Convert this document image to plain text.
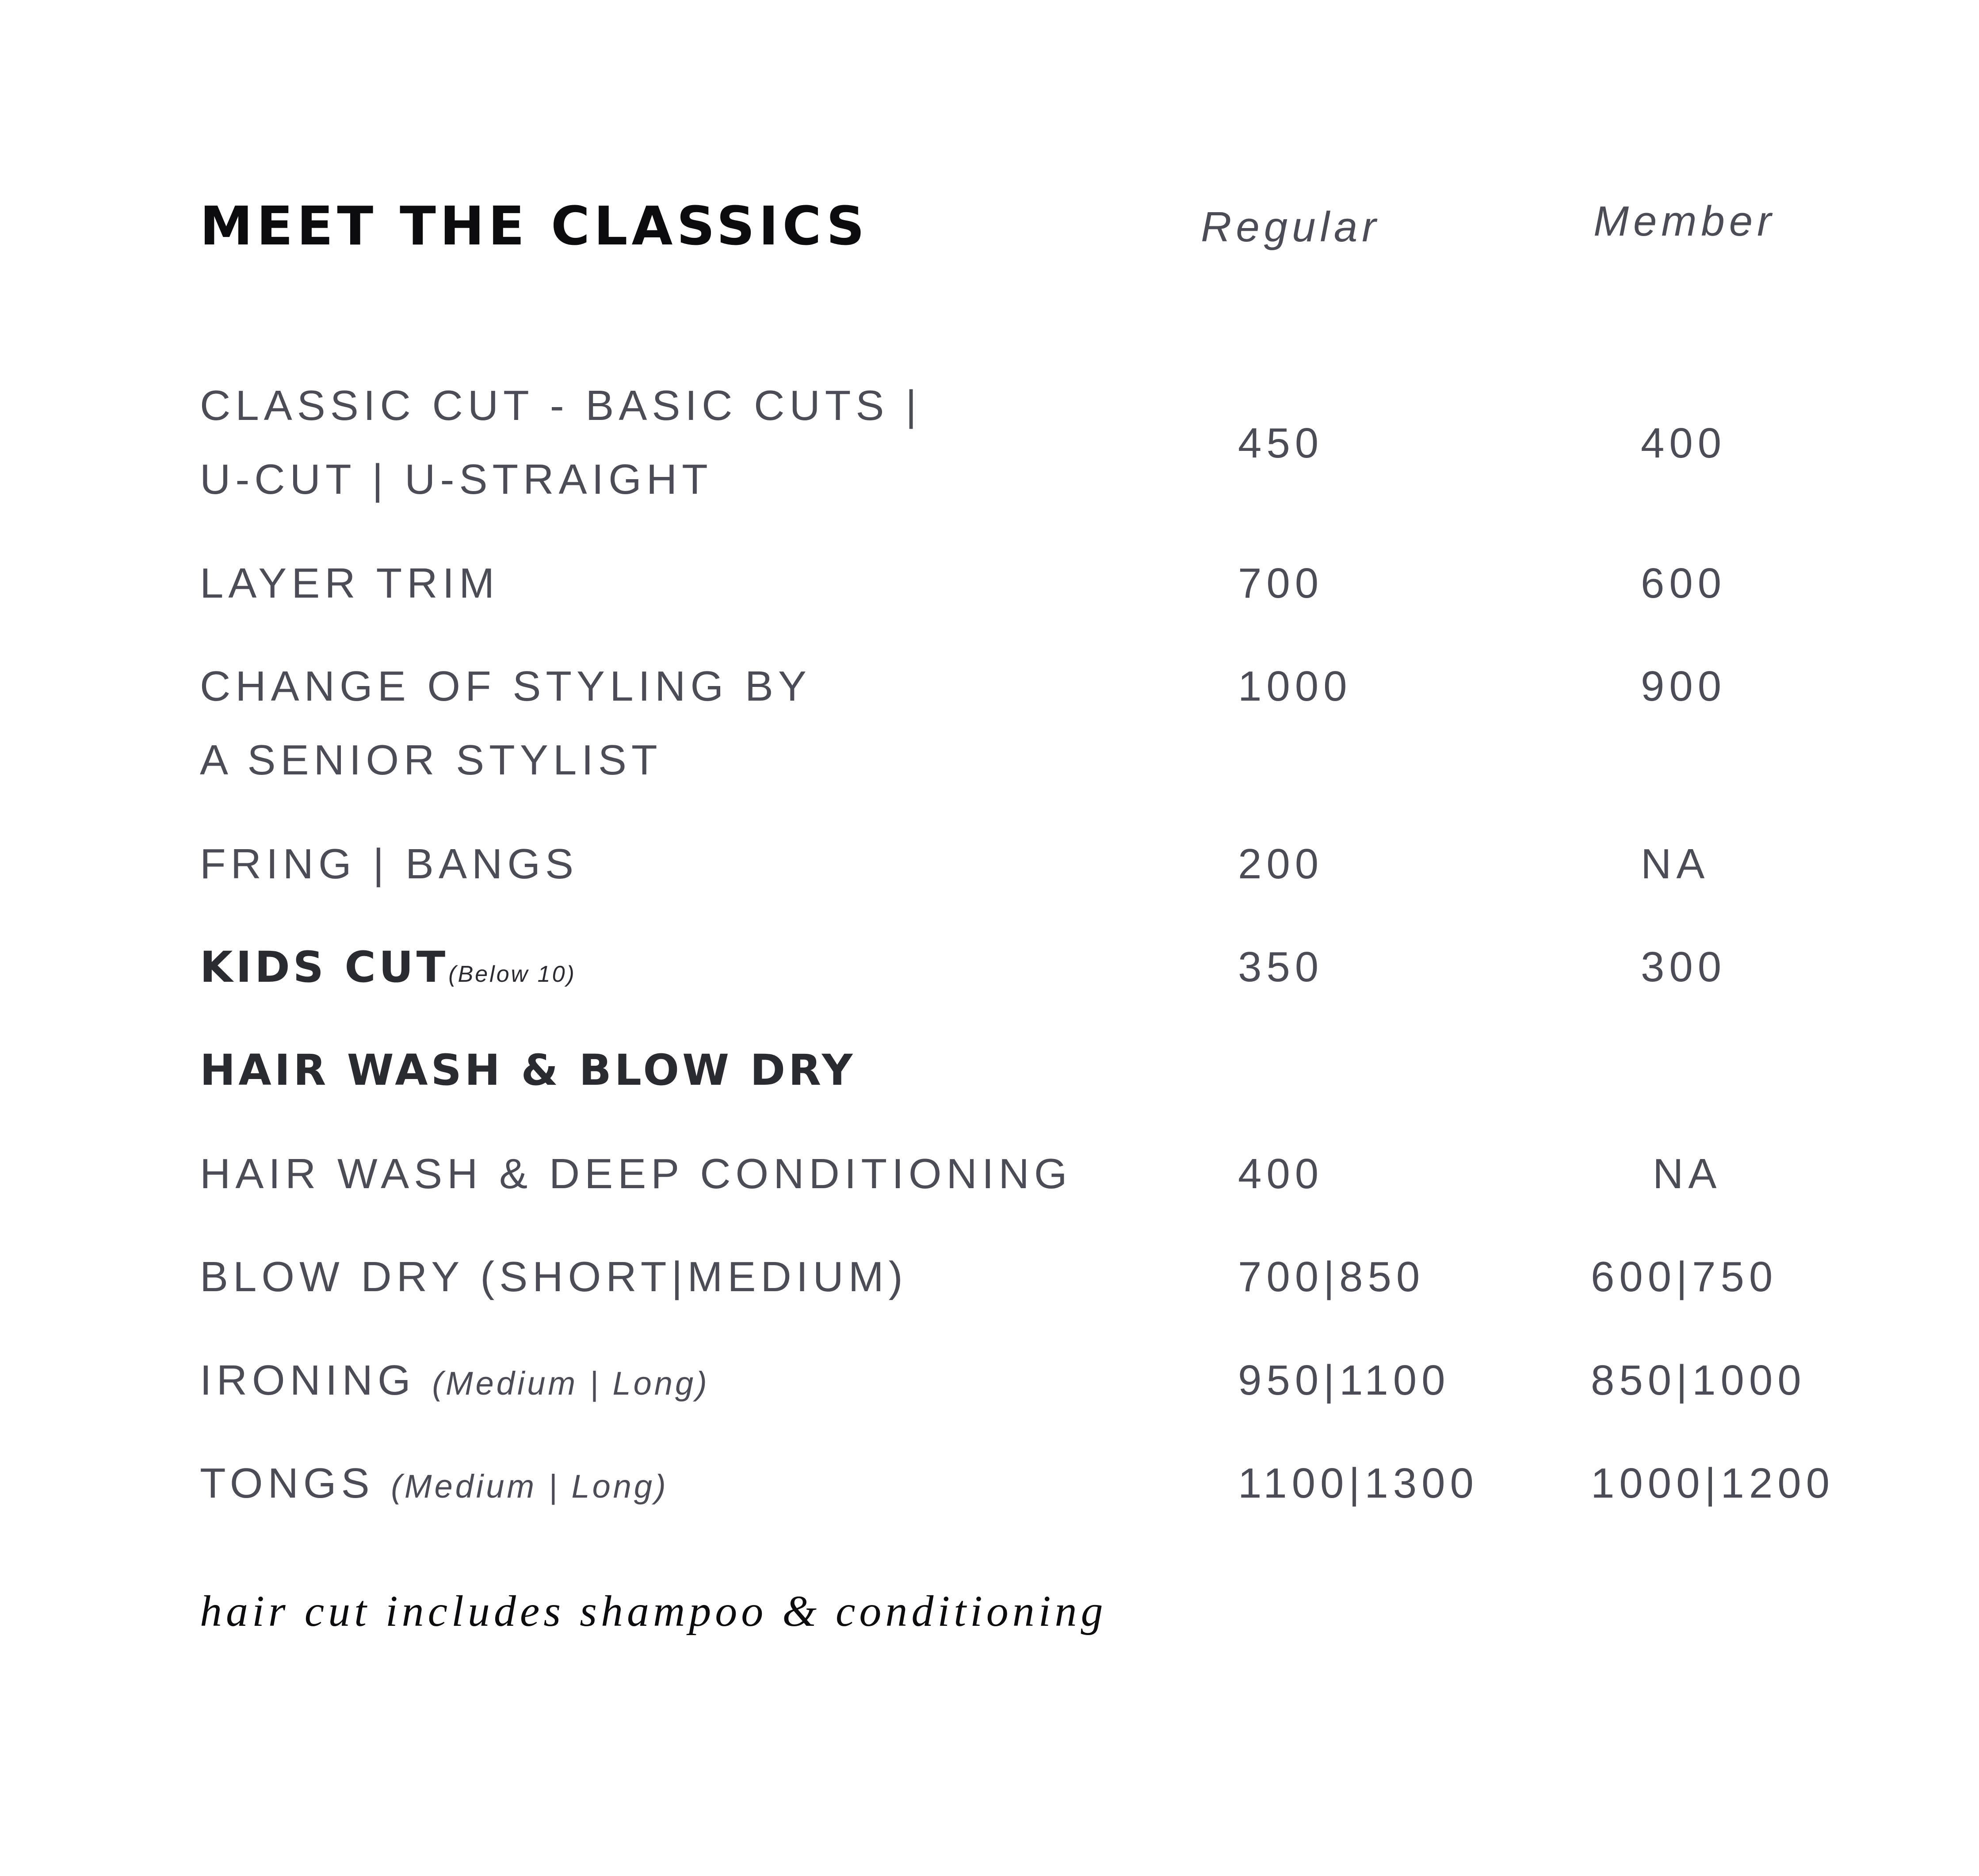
MEET THE CLASSICS	Regular	Member
CLASSIC CUT - BASIC CUTS |
U-CUT | U-STRAIGHT
450	400
LAYER TRIM	700	600
CHANGE OF STYLING BY
A SENIOR STYLIST
1000	900
FRING | BANGS	200	NA
KIDS CUT(Below 10)	350	300
HAIR WASH & BLOW DRY
HAIR WASH & DEEP CONDITIONING	400	NA
BLOW DRY (SHORT|MEDIUM)	700|850	600|750
IRONING (Medium | Long)	950|1100	850|1000
TONGS (Medium | Long)	1100|1300	1000|1200
hair cut includes shampoo & conditioning
